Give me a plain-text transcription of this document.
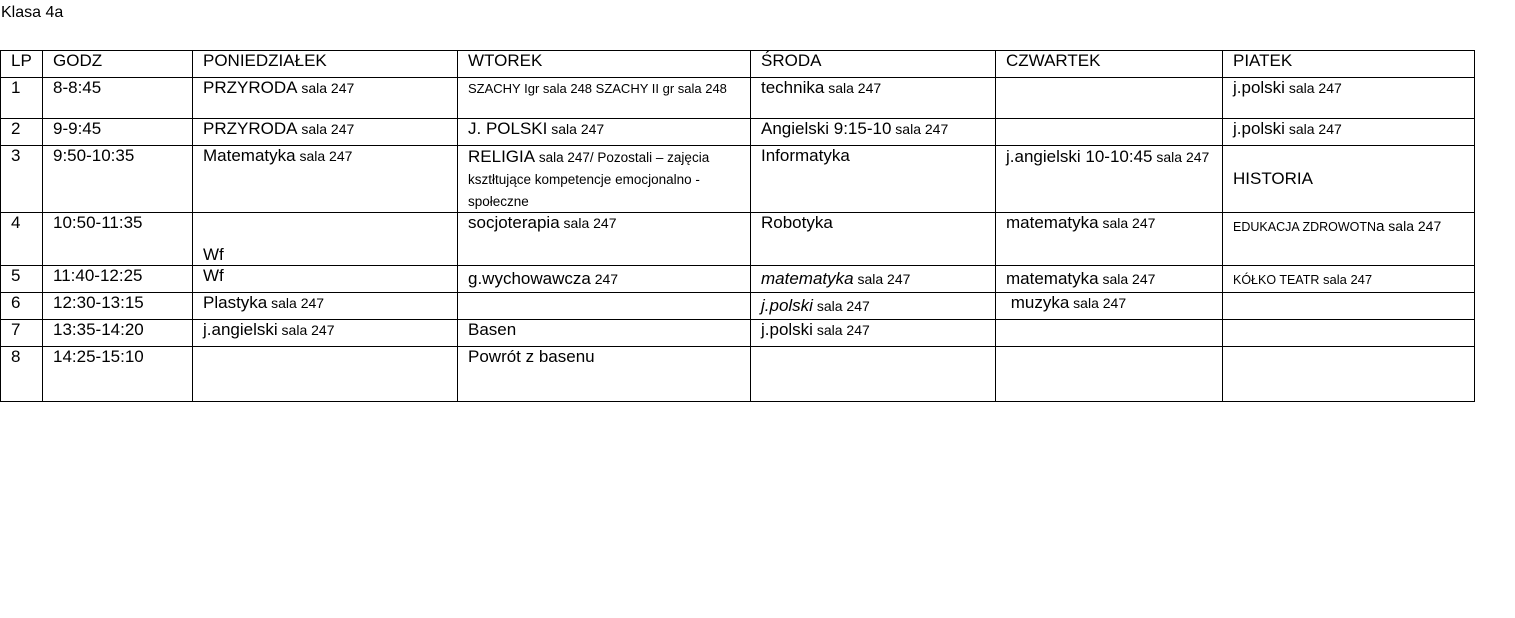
Klasa 4a
LP	GODZ	PONIEDZIAŁEK	WTOREK	ŚRODA	CZWARTEK	PIATEK
1	8-8:45	PRZYRODA sala 247	SZACHY Igr sala 248 SZACHY II gr sala 248	technika sala 247		j.polski sala 247
2	9-9:45	PRZYRODA sala 247	J. POLSKI sala 247	Angielski 9:15-10 sala 247		j.polski sala 247
3	9:50-10:35	Matematyka sala 247	RELIGIA sala 247/ Pozostali – zajęcia ksztłtujące kompetencje emocjonalno - społeczne	Informatyka	j.angielski 10-10:45 sala 247	HISTORIA
4	10:50-11:35	Wf	socjoterapia sala 247	Robotyka	matematyka sala 247	EDUKACJA ZDROWOTNa sala 247
5	11:40-12:25	Wf	g.wychowawcza 247	matematyka sala 247	matematyka sala 247	KÓŁKO TEATR sala 247
6	12:30-13:15	Plastyka sala 247		j.polski sala 247	muzyka sala 247	
7	13:35-14:20	j.angielski sala 247	Basen	j.polski sala 247		
8	14:25-15:10		Powrót z basenu			
